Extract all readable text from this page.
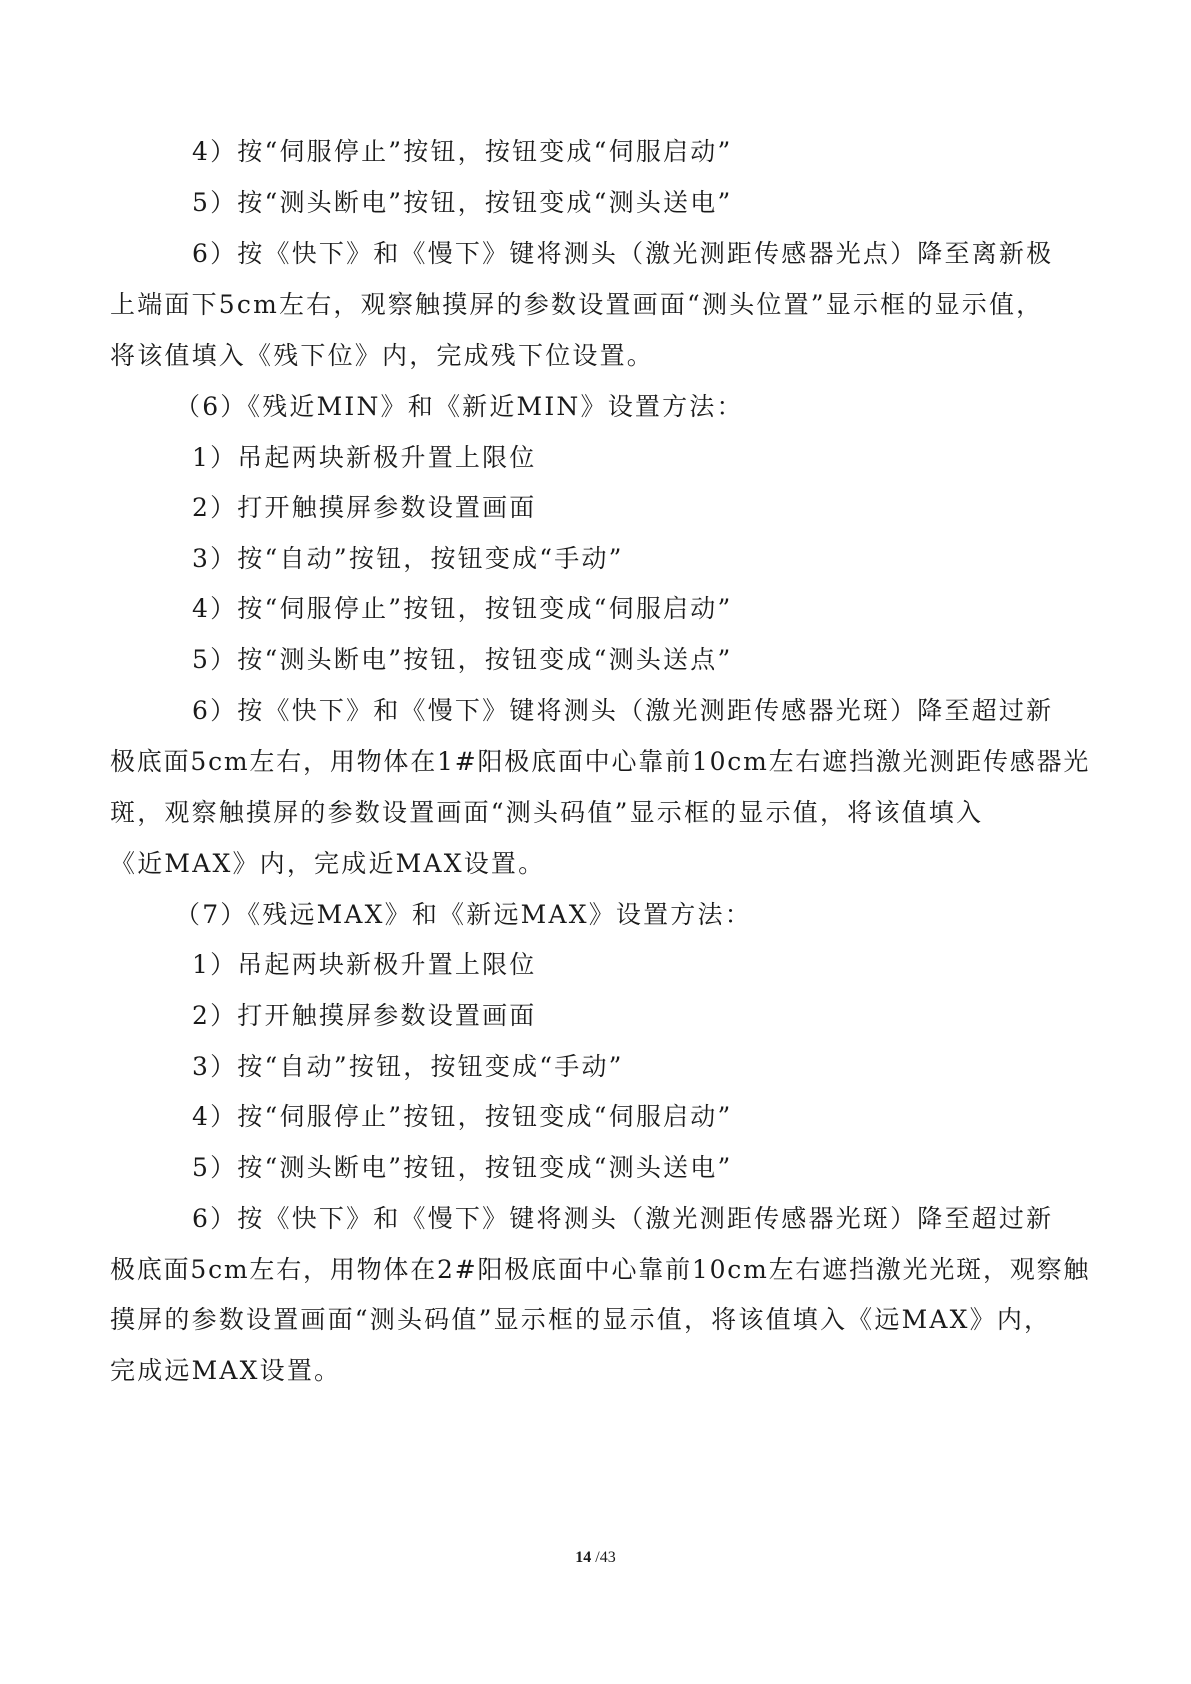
4）按“伺服停止”按钮，按钮变成“伺服启动”
5）按“测头断电”按钮，按钮变成“测头送电”
6）按《快下》和《慢下》键将测头（激光测距传感器光点）降至离新极
上端面下5cm左右，观察触摸屏的参数设置画面“测头位置”显示框的显示值，
将该值填入《残下位》内，完成残下位设置。
（6）《残近MIN》和《新近MIN》设置方法：
1）吊起两块新极升置上限位
2）打开触摸屏参数设置画面
3）按“自动”按钮，按钮变成“手动”
4）按“伺服停止”按钮，按钮变成“伺服启动”
5）按“测头断电”按钮，按钮变成“测头送点”
6）按《快下》和《慢下》键将测头（激光测距传感器光斑）降至超过新
极底面5cm左右，用物体在1#阳极底面中心靠前10cm左右遮挡激光测距传感器光
斑，观察触摸屏的参数设置画面“测头码值”显示框的显示值，将该值填入
《近MAX》内，完成近MAX设置。
（7）《残远MAX》和《新远MAX》设置方法：
1）吊起两块新极升置上限位
2）打开触摸屏参数设置画面
3）按“自动”按钮，按钮变成“手动”
4）按“伺服停止”按钮，按钮变成“伺服启动”
5）按“测头断电”按钮，按钮变成“测头送电”
6）按《快下》和《慢下》键将测头（激光测距传感器光斑）降至超过新
极底面5cm左右，用物体在2#阳极底面中心靠前10cm左右遮挡激光光斑，观察触
摸屏的参数设置画面“测头码值”显示框的显示值，将该值填入《远MAX》内，
完成远MAX设置。
14 /43
